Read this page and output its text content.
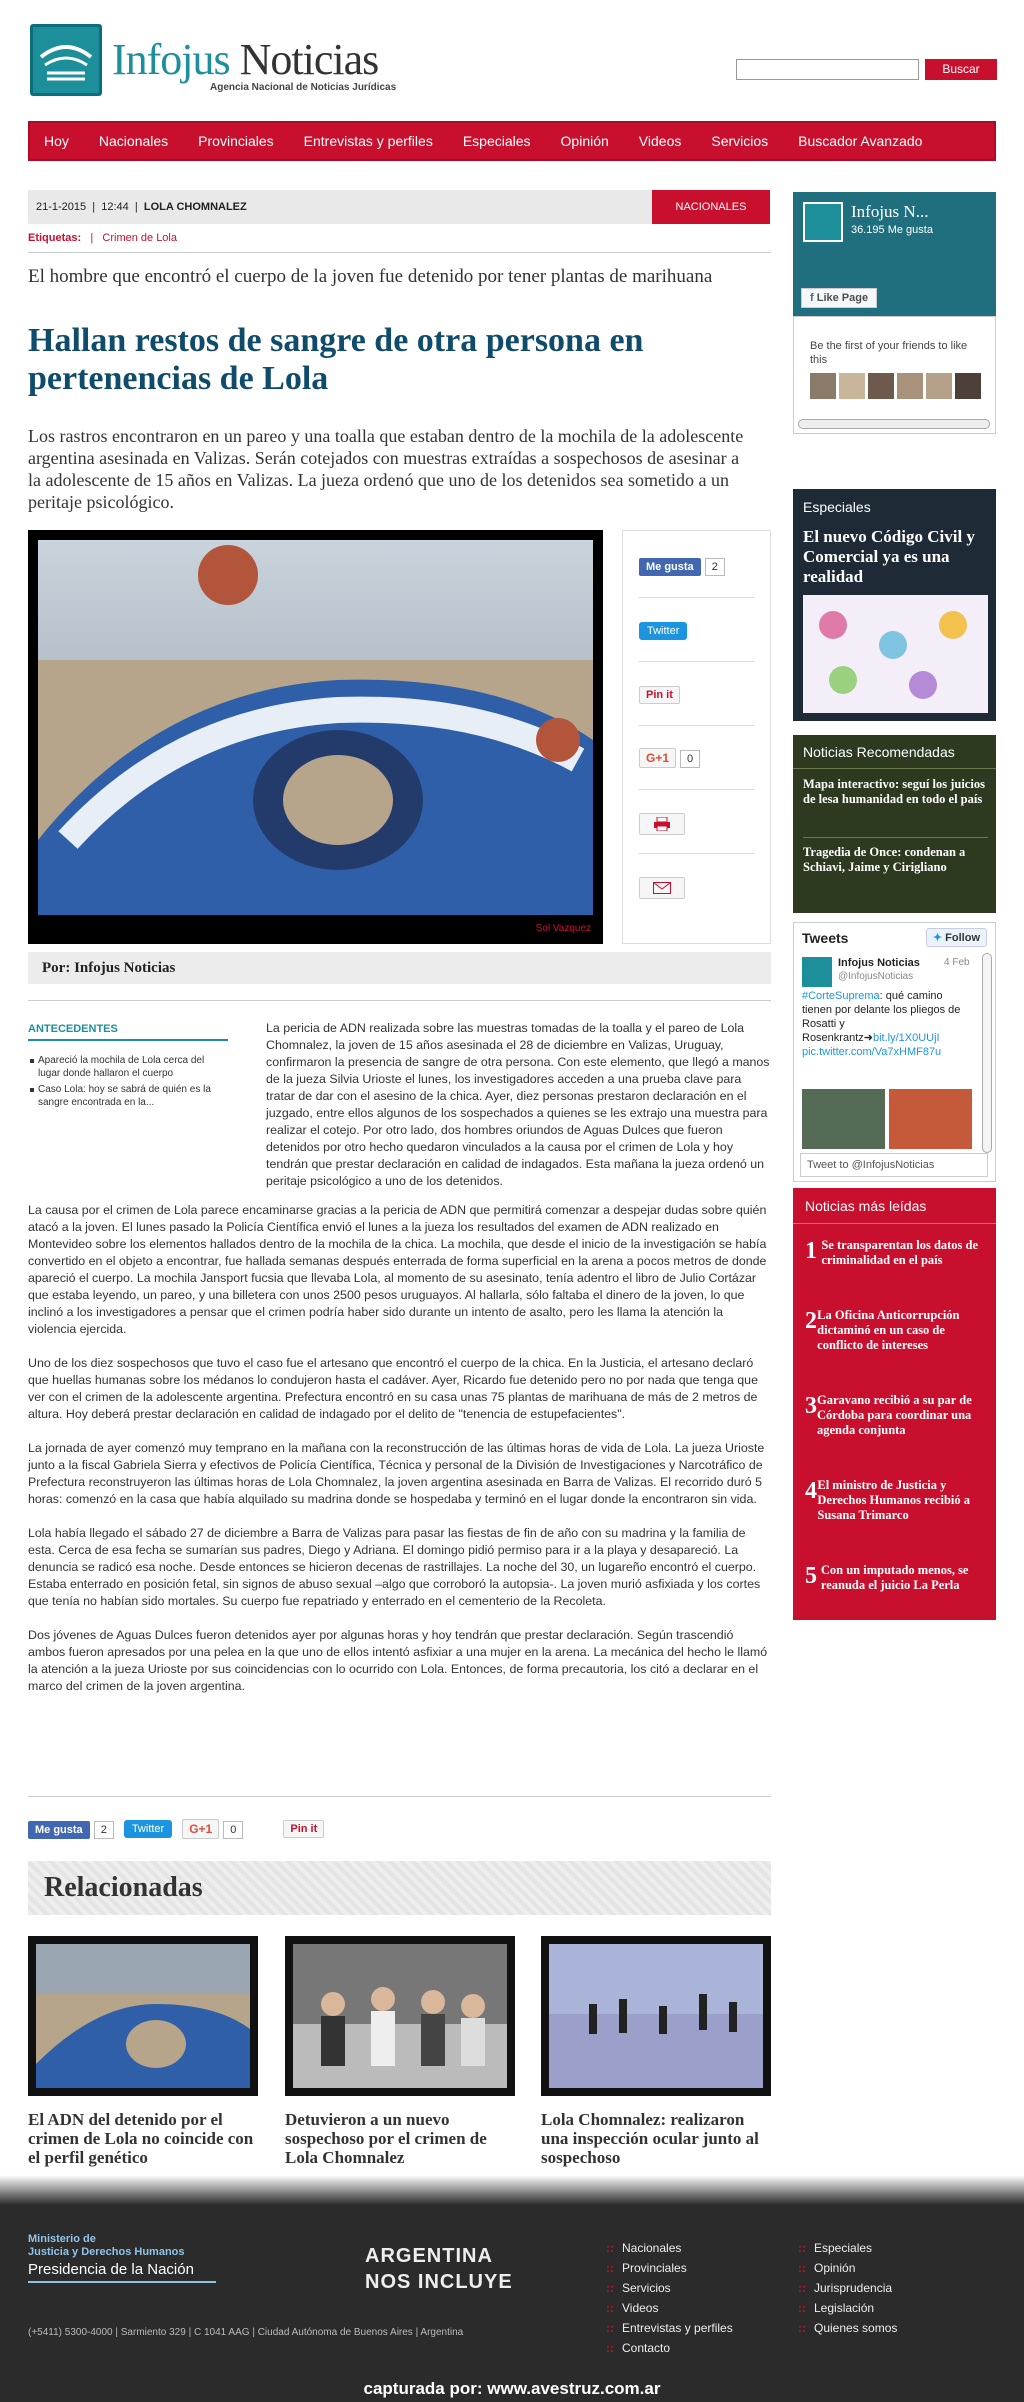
Infojus Noticias
Agencia Nacional de Noticias Jurídicas
Buscar
Hoy Nacionales Provinciales Entrevistas y perfiles Especiales Opinión Videos Servicios Buscador Avanzado
21-1-2015  |  12:44  |  LOLA CHOMNALEZ	NACIONALES
Etiquetas:   |   Crimen de Lola
El hombre que encontró el cuerpo de la joven fue detenido por tener plantas de marihuana
Hallan restos de sangre de otra persona en pertenencias de Lola
Los rastros encontraron en un pareo y una toalla que estaban dentro de la mochila de la adolescente argentina asesinada en Valizas. Serán cotejados con muestras extraídas a sospechosos de asesinar a la adolescente de 15 años en Valizas. La jueza ordenó que uno de los detenidos sea sometido a un peritaje psicológico.
Sol Vazquez
Me gusta 2
Twitter
Pin it
G+1 0
Por: Infojus Noticias
ANTECEDENTES
Apareció la mochila de Lola cerca del lugar donde hallaron el cuerpo
Caso Lola: hoy se sabrá de quién es la sangre encontrada en la...
La pericia de ADN realizada sobre las muestras tomadas de la toalla y el pareo de Lola Chomnalez, la joven de 15 años asesinada el 28 de diciembre en Valizas, Uruguay, confirmaron la presencia de sangre de otra persona. Con este elemento, que llegó a manos de la jueza Silvia Urioste el lunes, los investigadores acceden a una prueba clave para tratar de dar con el asesino de la chica. Ayer, diez personas prestaron declaración en el juzgado, entre ellos algunos de los sospechados a quienes se les extrajo una muestra para realizar el cotejo. Por otro lado, dos hombres oriundos de Aguas Dulces que fueron detenidos por otro hecho quedaron vinculados a la causa por el crimen de Lola y hoy tendrán que prestar declaración en calidad de indagados. Esta mañana la jueza ordenó un peritaje psicológico a uno de los detenidos.

La causa por el crimen de Lola parece encaminarse gracias a la pericia de ADN que permitirá comenzar a despejar dudas sobre quién atacó a la joven. El lunes pasado la Policía Científica envió el lunes a la jueza los resultados del examen de ADN realizado en Montevideo sobre los elementos hallados dentro de la mochila de la chica. La mochila, que desde el inicio de la investigación se había convertido en el objeto a encontrar, fue hallada semanas después enterrada de forma superficial en la arena a pocos metros de donde apareció el cuerpo. La mochila Jansport fucsia que llevaba Lola, al momento de su asesinato, tenía adentro el libro de Julio Cortázar que estaba leyendo, un pareo, y una billetera con unos 2500 pesos uruguayos. Al hallarla, sólo faltaba el dinero de la joven, lo que inclinó a los investigadores a pensar que el crimen podría haber sido durante un intento de asalto, pero les llama la atención la violencia ejercida.

Uno de los diez sospechosos que tuvo el caso fue el artesano que encontró el cuerpo de la chica. En la Justicia, el artesano declaró que huellas humanas sobre los médanos lo condujeron hasta el cadáver. Ayer, Ricardo fue detenido pero no por nada que tenga que ver con el crimen de la adolescente argentina. Prefectura encontró en su casa unas 75 plantas de marihuana de más de 2 metros de altura. Hoy deberá prestar declaración en calidad de indagado por el delito de "tenencia de estupefacientes".

La jornada de ayer comenzó muy temprano en la mañana con la reconstrucción de las últimas horas de vida de Lola. La jueza Urioste junto a la fiscal Gabriela Sierra y efectivos de Policía Científica, Técnica y personal de la División de Investigaciones y Narcotráfico de Prefectura reconstruyeron las últimas horas de Lola Chomnalez, la joven argentina asesinada en Barra de Valizas. El recorrido duró 5 horas: comenzó en la casa que había alquilado su madrina donde se hospedaba y terminó en el lugar donde la encontraron sin vida.

Lola había llegado el sábado 27 de diciembre a Barra de Valizas para pasar las fiestas de fin de año con su madrina y la familia de esta. Cerca de esa fecha se sumarían sus padres, Diego y Adriana. El domingo pidió permiso para ir a la playa y desapareció. La denuncia se radicó esa noche. Desde entonces se hicieron decenas de rastrillajes. La noche del 30, un lugareño encontró el cuerpo. Estaba enterrado en posición fetal, sin signos de abuso sexual –algo que corroboró la autopsia-. La joven murió asfixiada y los cortes que tenía no habían sido mortales. Su cuerpo fue repatriado y enterrado en el cementerio de la Recoleta.

Dos jóvenes de Aguas Dulces fueron detenidos ayer por algunas horas y hoy tendrán que prestar declaración. Según trascendió ambos fueron apresados por una pelea en la que uno de ellos intentó asfixiar a una mujer en la arena. La mecánica del hecho le llamó la atención a la jueza Urioste por sus coincidencias con lo ocurrido con Lola. Entonces, de forma precautoria, los citó a declarar en el marco del crimen de la joven argentina.

Me gusta 2	Twitter	G+1 0	Pin it
Relacionadas
El ADN del detenido por el crimen de Lola no coincide con el perfil genético
Detuvieron a un nuevo sospechoso por el crimen de Lola Chomnalez
Lola Chomnalez: realizaron una inspección ocular junto al sospechoso
Infojus N...
36.195 Me gusta
f Like Page
Be the first of your friends to like this
Especiales
El nuevo Código Civil y Comercial ya es una realidad
Noticias Recomendadas
Mapa interactivo: seguí los juicios de lesa humanidad en todo el país
Tragedia de Once: condenan a Schiavi, Jaime y Cirigliano
Tweets	✦ Follow
Infojus Noticias 4 Feb
@InfojusNoticias
#CorteSuprema: qué camino tienen por delante los pliegos de Rosatti y Rosenkrantz➜bit.ly/1X0UUjI
pic.twitter.com/Va7xHMF87u
Tweet to @InfojusNoticias
Noticias más leídas
1 Se transparentan los datos de criminalidad en el país
2 La Oficina Anticorrupción dictaminó en un caso de conflicto de intereses
3 Garavano recibió a su par de Córdoba para coordinar una agenda conjunta
4 El ministro de Justicia y Derechos Humanos recibió a Susana Trimarco
5 Con un imputado menos, se reanuda el juicio La Perla
Ministerio de
Justicia y Derechos Humanos
Presidencia de la Nación
ARGENTINA
NOS INCLUYE
(+5411) 5300-4000 | Sarmiento 329 | C 1041 AAG | Ciudad Autónoma de Buenos Aires | Argentina
:: Nacionales
:: Provinciales
:: Servicios
:: Videos
:: Entrevistas y perfiles
:: Contacto
:: Especiales
:: Opinión
:: Jurisprudencia
:: Legislación
:: Quienes somos
capturada por: www.avestruz.com.ar
